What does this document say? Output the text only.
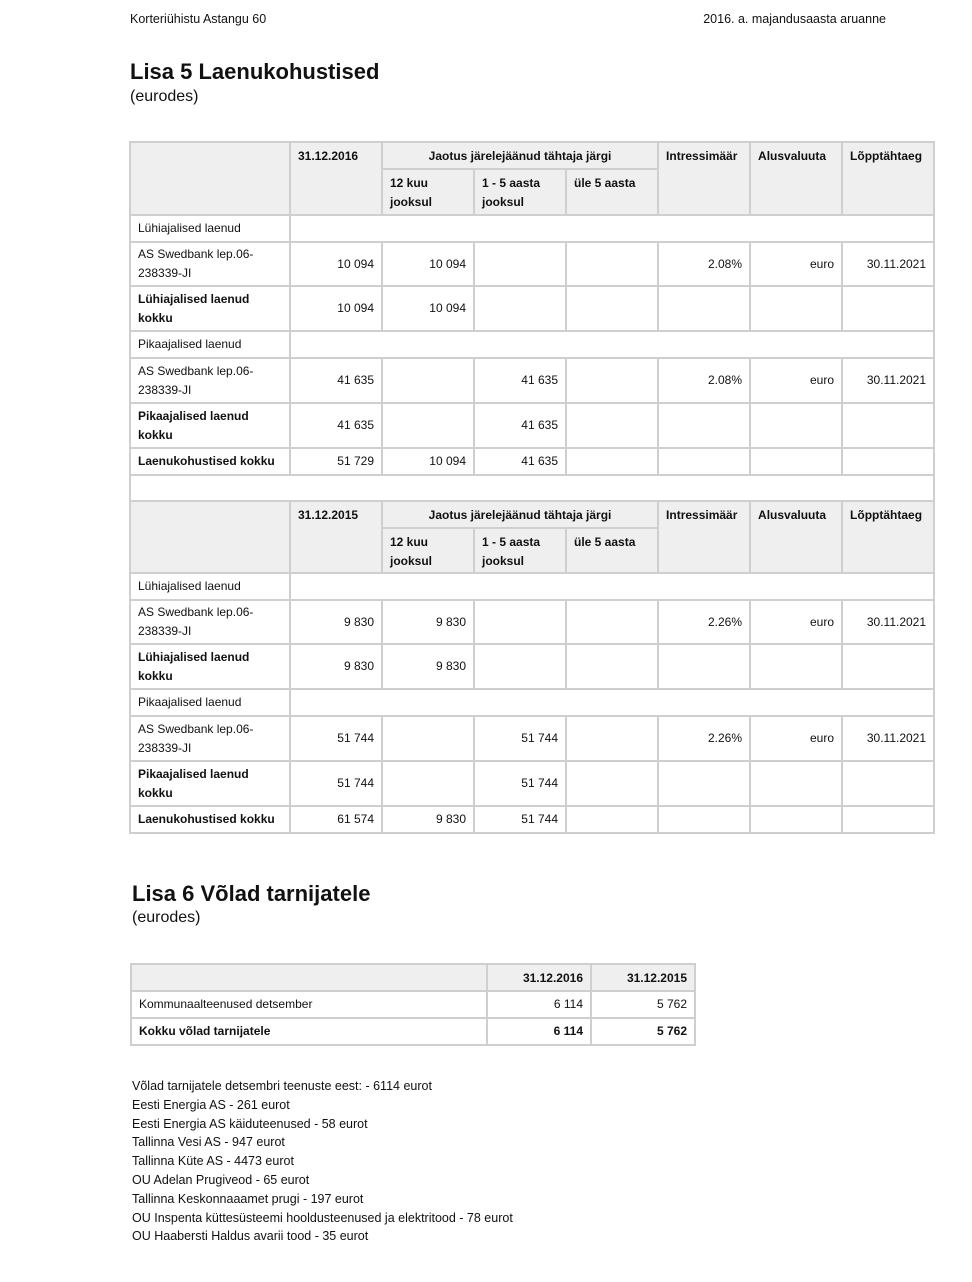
Korteriühistu Astangu 60	2016. a. majandusaasta aruanne
Lisa 5 Laenukohustised
(eurodes)
	31.12.2016	Jaotus järelejäänud tähtaja järgi			Intressimäär	Alusvaluuta	Lõpptähtaeg
		12 kuu jooksul	1 - 5 aasta jooksul	üle 5 aasta			
Lühiajalised laenud							
AS Swedbank lep.06-238339-JI	10 094	10 094			2.08%	euro	30.11.2021
Lühiajalised laenud kokku	10 094	10 094					
Pikaajalised laenud							
AS Swedbank lep.06-238339-JI	41 635		41 635		2.08%	euro	30.11.2021
Pikaajalised laenud kokku	41 635		41 635				
Laenukohustised kokku	51 729	10 094	41 635				

	31.12.2015	Jaotus järelejäänud tähtaja järgi			Intressimäär	Alusvaluuta	Lõpptähtaeg
		12 kuu jooksul	1 - 5 aasta jooksul	üle 5 aasta			
Lühiajalised laenud							
AS Swedbank lep.06-238339-JI	9 830	9 830			2.26%	euro	30.11.2021
Lühiajalised laenud kokku	9 830	9 830					
Pikaajalised laenud							
AS Swedbank lep.06-238339-JI	51 744		51 744		2.26%	euro	30.11.2021
Pikaajalised laenud kokku	51 744		51 744				
Laenukohustised kokku	61 574	9 830	51 744				
Lisa 6 Võlad tarnijatele
(eurodes)
	31.12.2016	31.12.2015
Kommunaalteenused detsember	6 114	5 762
Kokku võlad tarnijatele	6 114	5 762
Võlad tarnijatele detsembri teenuste eest: - 6114 eurot
Eesti Energia AS - 261 eurot
Eesti Energia AS käiduteenused - 58 eurot
Tallinna Vesi AS - 947 eurot
Tallinna Küte AS - 4473 eurot
OU Adelan Prugiveod - 65 eurot
Tallinna Keskonnaaamet prugi - 197 eurot
OU Inspenta küttesüsteemi hooldusteenused ja elektritood - 78 eurot
OU Haabersti Haldus avarii tood - 35 eurot
